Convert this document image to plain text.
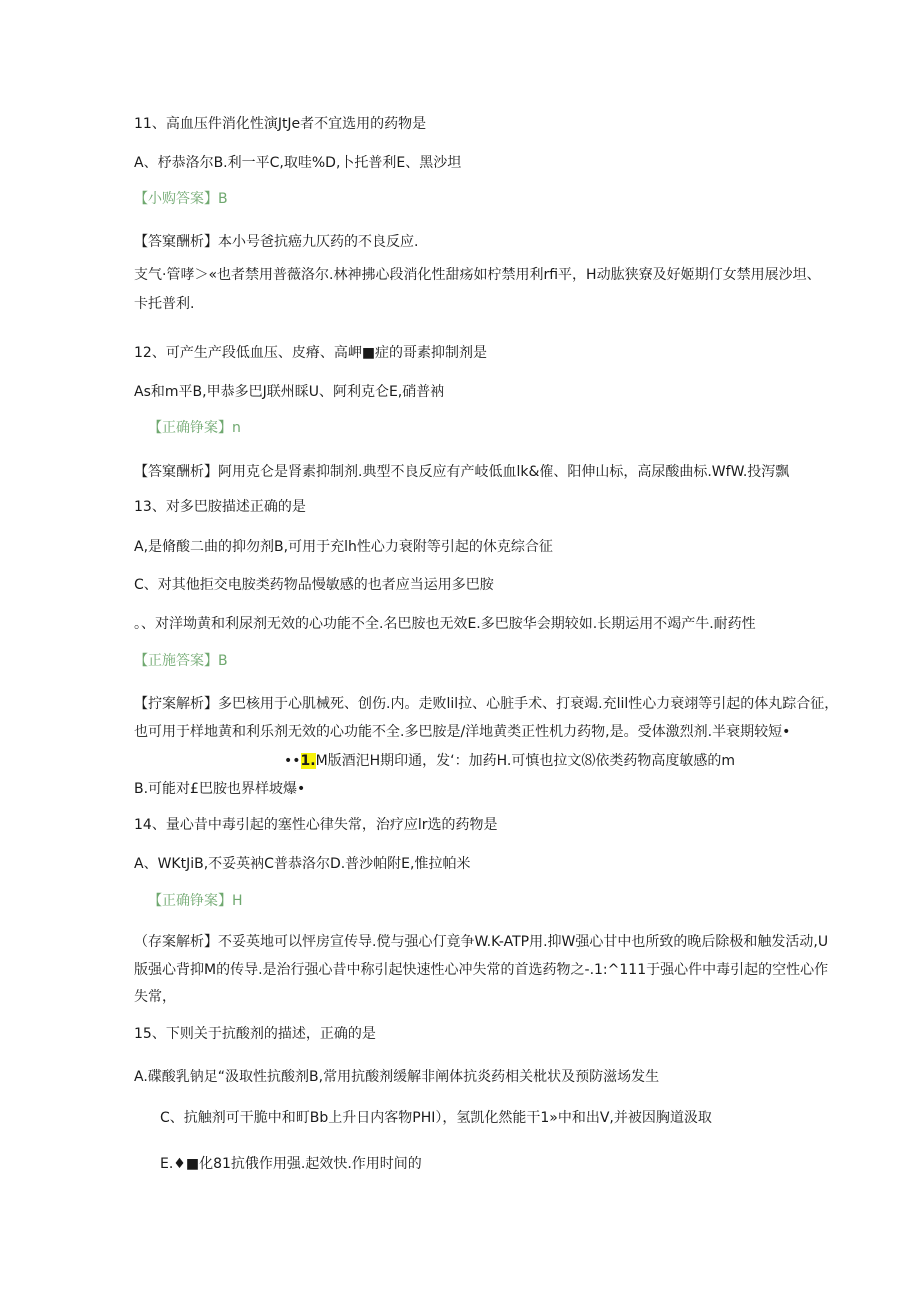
11、高血压件消化性演JtJe者不宜选用的药物是
A、杼恭洛尔B.利一平C,取哇%D,卜托普利E、黑沙坦
【小购答案】B
【答窠酬析】本小号爸抗癌九仄药的不良反应.
支气·管哮＞«也者禁用普薇洛尔.林神拂心段消化性甜疡如柠禁用利rfi平，H动肱狭寮及好姬期仃女禁用展沙坦、
卡托普利.
12、可产生产段低血压、皮瘠、高岬■症的哥素抑制剂是
As和m平B,甲恭多巴J联州睬U、阿利克仑E,硝普衲
【正确铮案】n
【答窠酬析】阿用克仑是肾素抑制剂.典型不良反应有产岐低血lk&傕、阳伸山标，高尿酸曲标.WfW.投泻飘
13、对多巴胺描述正确的是
A,是脩酸二曲的抑勿剂B,可用于充lh性心力衰附等引起的休克综合征
C、对其他拒交电胺类药物品慢敏感的也者应当运用多巴胺
。、对洋坳黄和利尿剂无效的心功能不全.名巴胺也无效E.多巴胺华会期较如.长期运用不竭产牛.耐药性
【正施答案】B
【拧案解析】多巴核用于心肌械死、创伤.内。走败lil拉、心脏手术、打衰竭.充lil性心力衰翊等引起的体丸踪合征，
也可用于样地黄和利乐剂无效的心功能不全.多巴胺是/洋地黄类正性机力药物,是。受体激烈剂.半衰期较短•
••1.M版酒汜H期印通，发‘：加药H.可慎也拉文⑻依类药物高度敏感的m
B.可能对£巴胺也界样坡爆•
14、量心昔中毒引起的塞性心律失常，治疗应lr选的药物是
A、WKtJiB,不妥英衲C普恭洛尔D.普沙帕附E,惟拉帕米
【正确铮案】H
（存案解析】不妥英地可以怦房宣传导.傥与强心仃竟争W.K-ATP用.抑W强心甘中也所致的晚后除极和触发活动,U
版强心背抑M的传导.是治行强心昔中称引起快速性心冲失常的首选药物之-.1:^111于强心件中毒引起的空性心作
失常，
15、下则关于抗酸剂的描述，正确的是
A.碟酸乳钠足“汲取性抗酸剂B,常用抗酸剂缓解非阐体抗炎药相关枇状及预防滋场发生
C、抗触剂可干脆中和町Bb上升日内客物PHI），氢凯化然能干1»中和出V,并被因胸道汲取
E.♦■化81抗俄作用强.起效快.作用时间的
